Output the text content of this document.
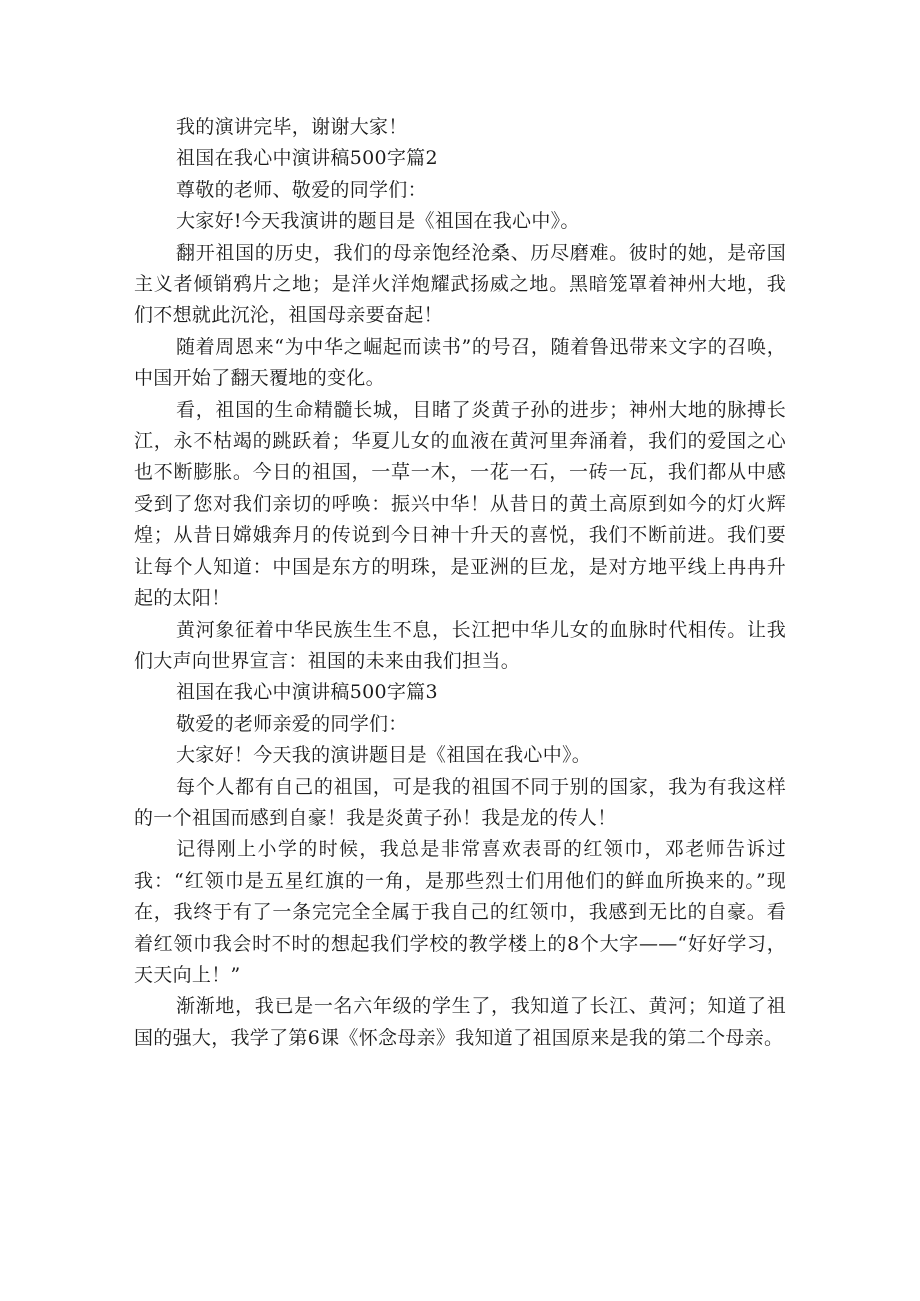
我的演讲完毕，谢谢大家！

祖国在我心中演讲稿500字篇2

尊敬的老师、敬爱的同学们：

大家好!今天我演讲的题目是《祖国在我心中》。

翻开祖国的历史，我们的母亲饱经沧桑、历尽磨难。彼时的她，是帝国主义者倾销鸦片之地；是洋火洋炮耀武扬威之地。黑暗笼罩着神州大地，我们不想就此沉沦，祖国母亲要奋起！

随着周恩来“为中华之崛起而读书”的号召，随着鲁迅带来文字的召唤，中国开始了翻天覆地的变化。

看，祖国的生命精髓长城，目睹了炎黄子孙的进步；神州大地的脉搏长江，永不枯竭的跳跃着；华夏儿女的血液在黄河里奔涌着，我们的爱国之心也不断膨胀。今日的祖国，一草一木，一花一石，一砖一瓦，我们都从中感受到了您对我们亲切的呼唤：振兴中华！从昔日的黄土高原到如今的灯火辉煌；从昔日嫦娥奔月的传说到今日神十升天的喜悦，我们不断前进。我们要让每个人知道：中国是东方的明珠，是亚洲的巨龙，是对方地平线上冉冉升起的太阳！

黄河象征着中华民族生生不息，长江把中华儿女的血脉时代相传。让我们大声向世界宣言：祖国的未来由我们担当。

祖国在我心中演讲稿500字篇3

敬爱的老师亲爱的同学们：

大家好！今天我的演讲题目是《祖国在我心中》。

每个人都有自己的祖国，可是我的祖国不同于别的国家，我为有我这样的一个祖国而感到自豪！我是炎黄子孙！我是龙的传人！

记得刚上小学的时候，我总是非常喜欢表哥的红领巾，邓老师告诉过我：“红领巾是五星红旗的一角，是那些烈士们用他们的鲜血所换来的。”现在，我终于有了一条完完全全属于我自己的红领巾，我感到无比的自豪。看着红领巾我会时不时的想起我们学校的教学楼上的8个大字——“好好学习，天天向上！”

渐渐地，我已是一名六年级的学生了，我知道了长江、黄河；知道了祖国的强大，我学了第6课《怀念母亲》我知道了祖国原来是我的第二个母亲。
